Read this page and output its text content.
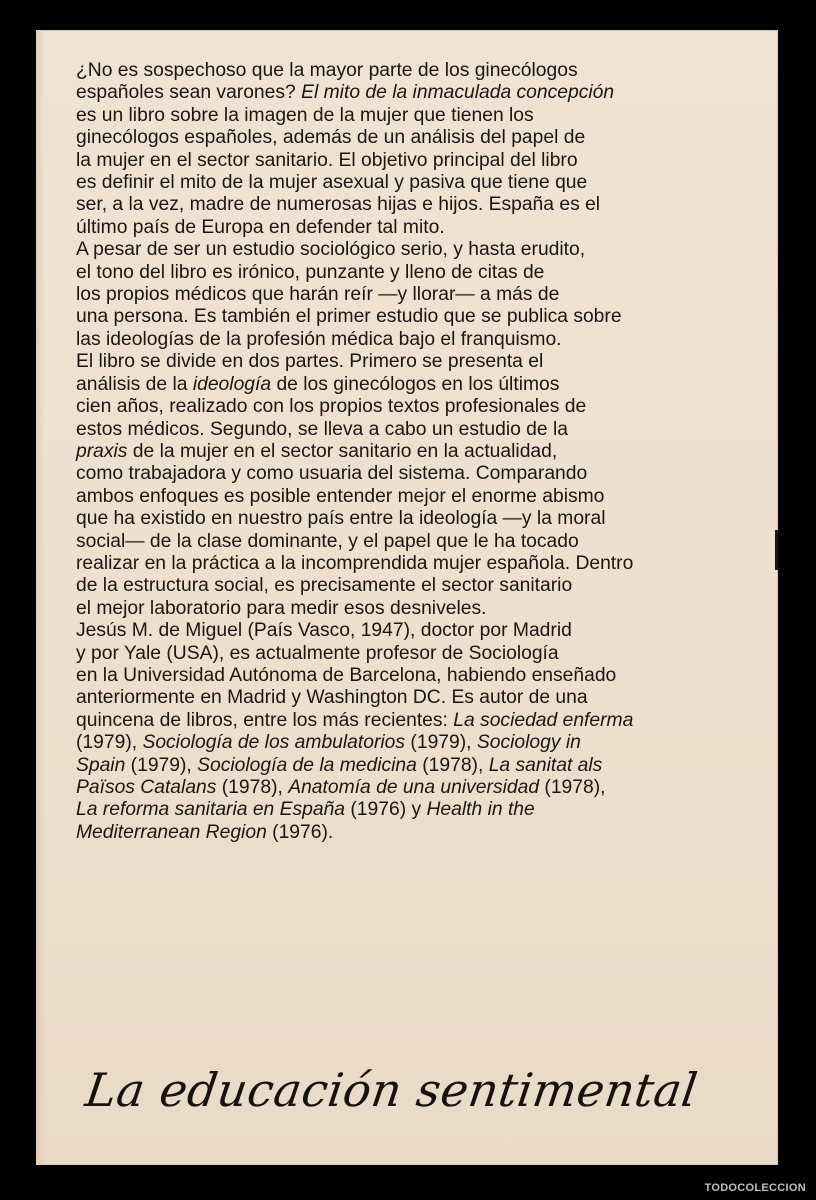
¿No es sospechoso que la mayor parte de los ginecólogos
españoles sean varones? El mito de la inmaculada concepción
es un libro sobre la imagen de la mujer que tienen los
ginecólogos españoles, además de un análisis del papel de
la mujer en el sector sanitario. El objetivo principal del libro
es definir el mito de la mujer asexual y pasiva que tiene que
ser, a la vez, madre de numerosas hijas e hijos. España es el
último país de Europa en defender tal mito.
A pesar de ser un estudio sociológico serio, y hasta erudito,
el tono del libro es irónico, punzante y lleno de citas de
los propios médicos que harán reír —y llorar— a más de
una persona. Es también el primer estudio que se publica sobre
las ideologías de la profesión médica bajo el franquismo.
El libro se divide en dos partes. Primero se presenta el
análisis de la ideología de los ginecólogos en los últimos
cien años, realizado con los propios textos profesionales de
estos médicos. Segundo, se lleva a cabo un estudio de la
praxis de la mujer en el sector sanitario en la actualidad,
como trabajadora y como usuaria del sistema. Comparando
ambos enfoques es posible entender mejor el enorme abismo
que ha existido en nuestro país entre la ideología —y la moral
social— de la clase dominante, y el papel que le ha tocado
realizar en la práctica a la incomprendida mujer española. Dentro
de la estructura social, es precisamente el sector sanitario
el mejor laboratorio para medir esos desniveles.
Jesús M. de Miguel (País Vasco, 1947), doctor por Madrid
y por Yale (USA), es actualmente profesor de Sociología
en la Universidad Autónoma de Barcelona, habiendo enseñado
anteriormente en Madrid y Washington DC. Es autor de una
quincena de libros, entre los más recientes: La sociedad enferma
(1979), Sociología de los ambulatorios (1979), Sociology in
Spain (1979), Sociología de la medicina (1978), La sanitat als
Països Catalans (1978), Anatomía de una universidad (1978),
La reforma sanitaria en España (1976) y Health in the
Mediterranean Region (1976).
La educación sentimental
TODOCOLECCION
